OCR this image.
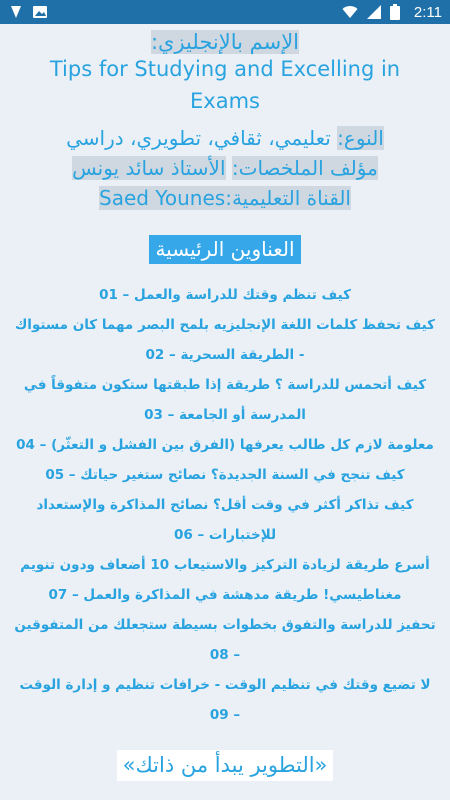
2:11
الإسم بالإنجليزي:
Tips for Studying and Excelling in Exams
النوع: تعليمي، ثقافي، تطويري، دراسي
مؤلف الملخصات: الأستاذ سائد يونس
القناة التعليمية:Saed Younes
العناوين الرئيسية
كيف تنظم وقتك للدراسة والعمل – 01
كيف تحفظ كلمات اللغة الإنجليزيه بلمح البصر مهما كان مستواك - الطريقة السحرية – 02
كيف أتحمس للدراسة ؟ طريقة إذا طبقتها ستكون متفوقاً في المدرسة أو الجامعة – 03
معلومة لازم كل طالب يعرفها (الفرق بين الفشل و التعثّر) – 04
كيف تنجح في السنة الجديدة؟ نصائح ستغير حياتك – 05
كيف تذاكر أكثر في وقت أقل؟ نصائح المذاكرة والإستعداد للإختبارات – 06
أسرع طريقة لزيادة التركيز والاستيعاب 10 أضعاف ودون تنويم مغناطيسي! طريقة مدهشة في المذاكرة والعمل – 07
تحفيز للدراسة والتفوق بخطوات بسيطة ستجعلك من المتفوقين – 08
لا تضيع وقتك في تنظيم الوقت - خرافات تنظيم و إدارة الوقت – 09
«التطوير يبدأ من ذاتك»
